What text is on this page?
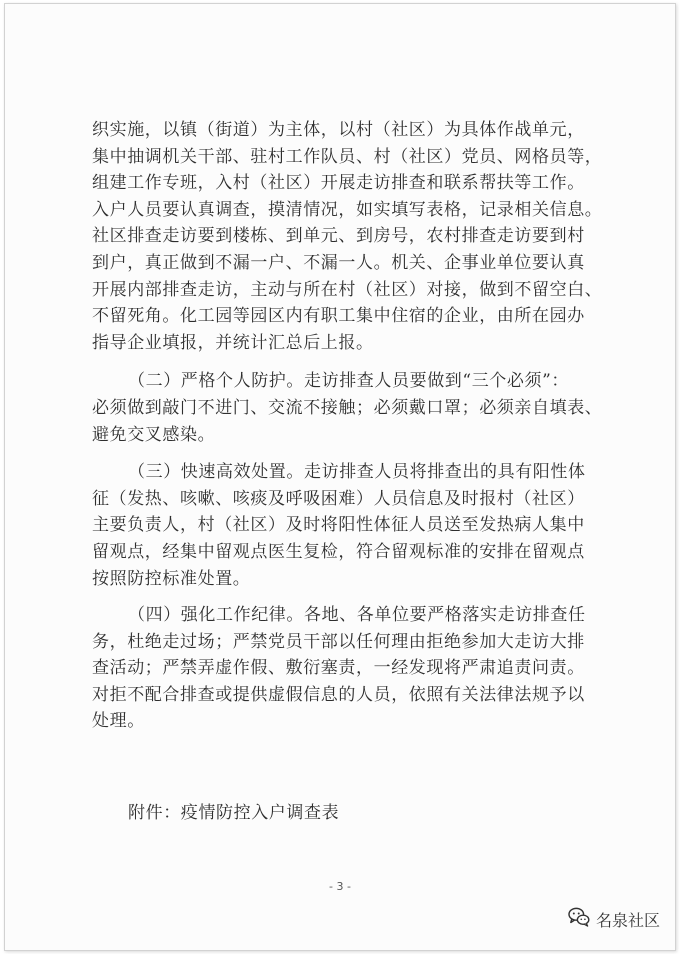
织实施，以镇（街道）为主体，以村（社区）为具体作战单元，
集中抽调机关干部、驻村工作队员、村（社区）党员、网格员等，
组建工作专班，入村（社区）开展走访排查和联系帮扶等工作。
入户人员要认真调查，摸清情况，如实填写表格，记录相关信息。
社区排查走访要到楼栋、到单元、到房号，农村排查走访要到村
到户，真正做到不漏一户、不漏一人。机关、企事业单位要认真
开展内部排查走访，主动与所在村（社区）对接，做到不留空白、
不留死角。化工园等园区内有职工集中住宿的企业，由所在园办
指导企业填报，并统计汇总后上报。
（二）严格个人防护。走访排查人员要做到“三个必须”：
必须做到敲门不进门、交流不接触；必须戴口罩；必须亲自填表、
避免交叉感染。
（三）快速高效处置。走访排查人员将排查出的具有阳性体
征（发热、咳嗽、咳痰及呼吸困难）人员信息及时报村（社区）
主要负责人，村（社区）及时将阳性体征人员送至发热病人集中
留观点，经集中留观点医生复检，符合留观标准的安排在留观点
按照防控标准处置。
（四）强化工作纪律。各地、各单位要严格落实走访排查任
务，杜绝走过场；严禁党员干部以任何理由拒绝参加大走访大排
查活动；严禁弄虚作假、敷衍塞责，一经发现将严肃追责问责。
对拒不配合排查或提供虚假信息的人员，依照有关法律法规予以
处理。
附件：疫情防控入户调查表
- 3 -
名泉社区
